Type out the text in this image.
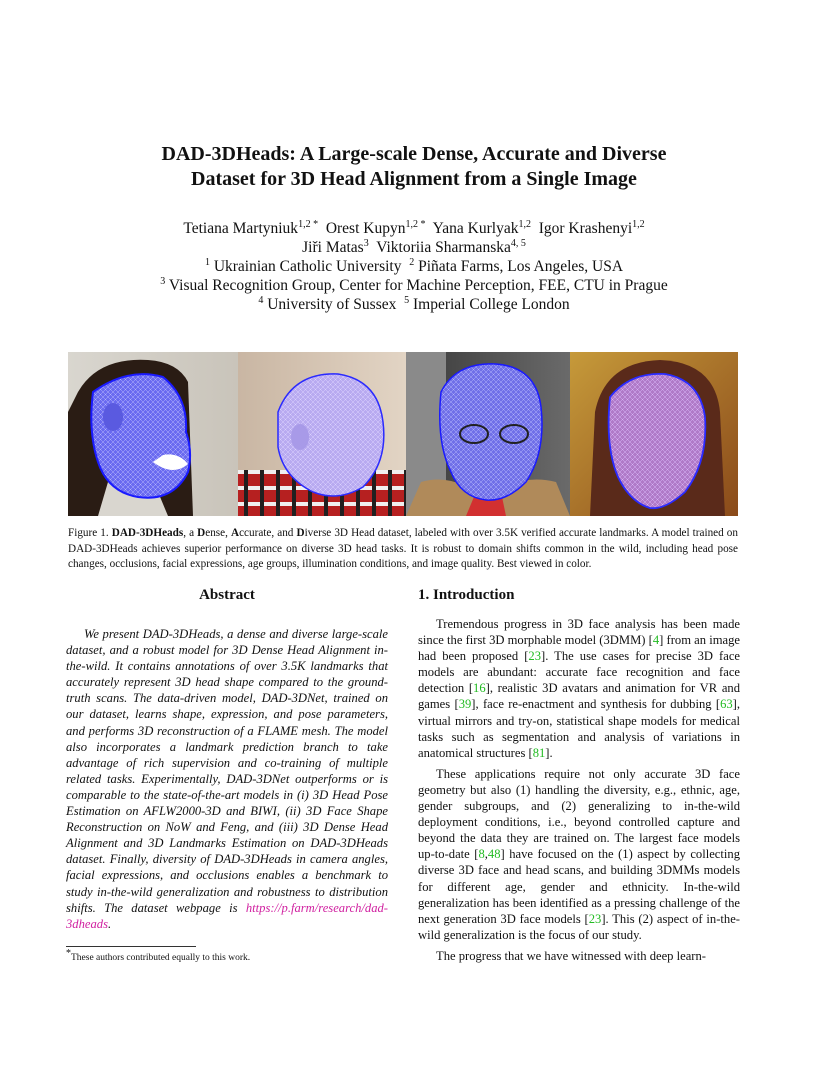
DAD-3DHeads: A Large-scale Dense, Accurate and Diverse
Dataset for 3D Head Alignment from a Single Image
Tetiana Martyniuk$^{1,2 *}$ Orest Kupyn$^{1,2 *}$ Yana Kurlyak$^{1,2}$ Igor Krashenyi$^{1,2}$
Jiři Matas$^3$ Viktoriia Sharmanska$^{4, 5}$
$^1$ Ukrainian Catholic University $^2$ Piñata Farms, Los Angeles, USA
$^3$ Visual Recognition Group, Center for Machine Perception, FEE, CTU in Prague
$^4$ University of Sussex $^5$ Imperial College London
Figure 1. DAD-3DHeads, a Dense, Accurate, and Diverse 3D Head dataset, labeled with over 3.5K verified accurate landmarks. A model trained on DAD-3DHeads achieves superior performance on diverse 3D head tasks. It is robust to domain shifts common in the wild, including head pose changes, occlusions, facial expressions, age groups, illumination conditions, and image quality. Best viewed in color.
Abstract
We present DAD-3DHeads, a dense and diverse large-scale dataset, and a robust model for 3D Dense Head Alignment in-the-wild. It contains annotations of over 3.5K landmarks that accurately represent 3D head shape compared to the ground-truth scans. The data-driven model, DAD-3DNet, trained on our dataset, learns shape, expression, and pose parameters, and performs 3D reconstruction of a FLAME mesh. The model also incorporates a landmark prediction branch to take advantage of rich supervision and co-training of multiple related tasks. Experimentally, DAD-3DNet outperforms or is comparable to the state-of-the-art models in (i) 3D Head Pose Estimation on AFLW2000-3D and BIWI, (ii) 3D Face Shape Reconstruction on NoW and Feng, and (iii) 3D Dense Head Alignment and 3D Landmarks Estimation on DAD-3DHeads dataset. Finally, diversity of DAD-3DHeads in camera angles, facial expressions, and occlusions enables a benchmark to study in-the-wild generalization and robustness to distribution shifts. The dataset webpage is https://p.farm/research/dad-3dheads.
*These authors contributed equally to this work.
1. Introduction

Tremendous progress in 3D face analysis has been made since the first 3D morphable model (3DMM) [4] from an image had been proposed [23]. The use cases for precise 3D face models are abundant: accurate face recognition and face detection [16], realistic 3D avatars and animation for VR and games [39], face re-enactment and synthesis for dubbing [63], virtual mirrors and try-on, statistical shape models for medical tasks such as segmentation and analysis of variations in anatomical structures [81].

These applications require not only accurate 3D face geometry but also (1) handling the diversity, e.g., ethnic, age, gender subgroups, and (2) generalizing to in-the-wild deployment conditions, i.e., beyond controlled capture and beyond the data they are trained on. The largest face models up-to-date [8,48] have focused on the (1) aspect by collecting diverse 3D face and head scans, and building 3DMMs models for different age, gender and ethnicity. In-the-wild generalization has been identified as a pressing challenge of the next generation 3D face models [23]. This (2) aspect of in-the-wild generalization is the focus of our study.

The progress that we have witnessed with deep learn-
